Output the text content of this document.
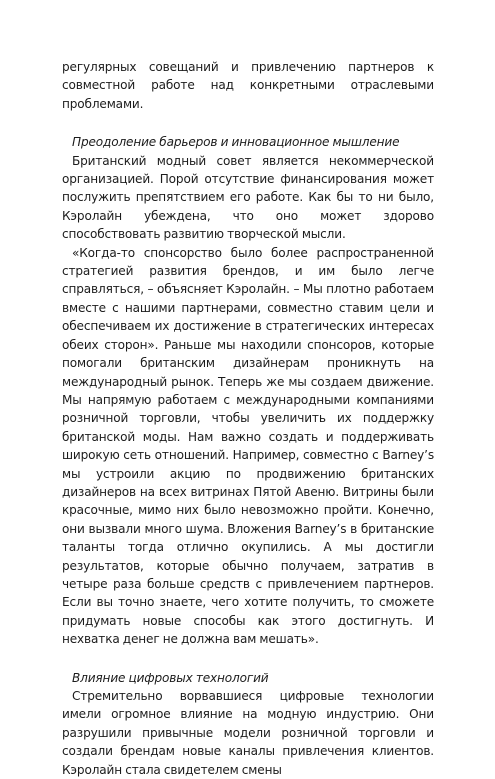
регулярных совещаний и привлечению партнеров к совместной работе над конкретными отраслевыми проблемами.

Преодоление барьеров и инновационное мышление

Британский модный совет является некоммерческой организацией. Порой отсутствие финансирования может послужить препятствием его работе. Как бы то ни было, Кэролайн убеждена, что оно может здорово способствовать развитию творческой мысли.

«Когда-то спонсорство было более распространенной стратегией развития брендов, и им было легче справляться, – объясняет Кэролайн. – Мы плотно работаем вместе с нашими партнерами, совместно ставим цели и обеспечиваем их достижение в стратегических интересах обеих сторон». Раньше мы находили спонсоров, которые помогали британским дизайнерам проникнуть на международный рынок. Теперь же мы создаем движение. Мы напрямую работаем с международными компаниями розничной торговли, чтобы увеличить их поддержку британской моды. Нам важно создать и поддерживать широкую сеть отношений. Например, совместно с Barney’s мы устроили акцию по продвижению британских дизайнеров на всех витринах Пятой Авеню. Витрины были красочные, мимо них было невозможно пройти. Конечно, они вызвали много шума. Вложения Barney’s в британские таланты тогда отлично окупились. А мы достигли результатов, которые обычно получаем, затратив в четыре раза больше средств с привлечением партнеров. Если вы точно знаете, чего хотите получить, то сможете придумать новые способы как этого достигнуть. И нехватка денег не должна вам мешать».

Влияние цифровых технологий

Стремительно ворвавшиеся цифровые технологии имели огромное влияние на модную индустрию. Они разрушили привычные модели розничной торговли и создали брендам новые каналы привлечения клиентов. Кэролайн стала свидетелем смены
